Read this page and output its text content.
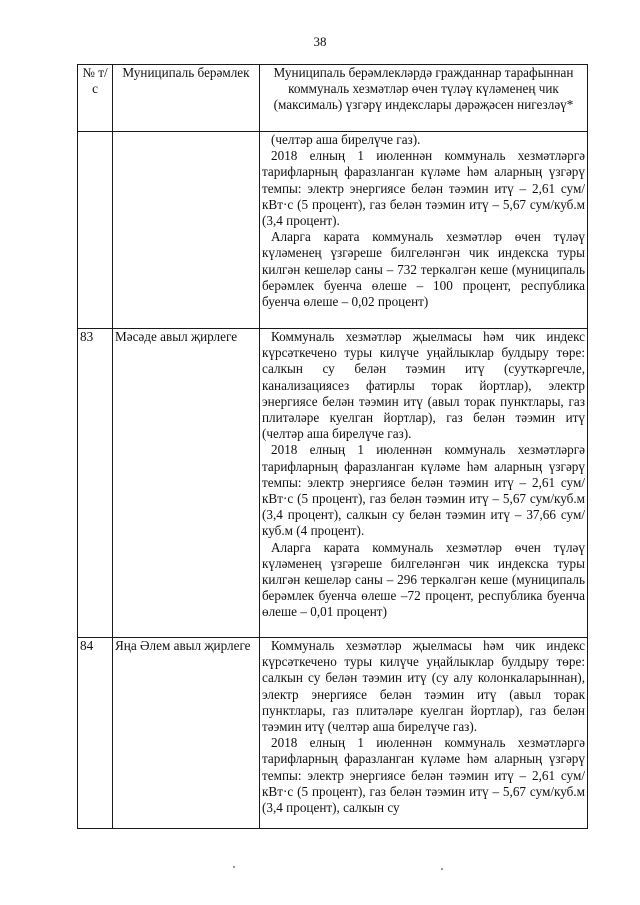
38
№ т/с	Муниципаль берәмлек	Муниципаль берәмлекләрдә гражданнар тарафыннан коммуналь хезмәтләр өчен түләү күләменең чик (максималь) үзгәрү индекслары дәрәҗәсен нигезләү*

		(челтәр аша бирелүче газ).

2018 елның 1 июленнән коммуналь хезмәтләргә тарифларның фаразланган күләме һәм аларның үзгәрү темпы: электр энергиясе белән тәэмин итү – 2,61 сум/кВт·с (5 процент), газ белән тәэмин итү – 5,67 сум/куб.м (3,4 процент).

Аларга карата коммуналь хезмәтләр өчен түләү күләменең үзгәреше билгеләнгән чик индекска туры килгән кешеләр саны – 732 теркәлгән кеше (муниципаль берәмлек буенча өлеше – 100 процент, республика буенча өлеше – 0,02 процент)

83	Мәсәде авыл җирлеге	Коммуналь хезмәтләр җыелмасы һәм чик индекс күрсәткечено туры килүче уңайлыклар булдыру төре: салкын су белән тәэмин итү (сууткәргечле, канализациясез фатирлы торак йортлар), электр энергиясе белән тәэмин итү (авыл торак пунктлары, газ плитәләре куелган йортлар), газ белән тәэмин итү (челтәр аша бирелүче газ).

2018 елның 1 июленнән коммуналь хезмәтләргә тарифларның фаразланган күләме һәм аларның үзгәрү темпы: электр энергиясе белән тәэмин итү – 2,61 сум/кВт·с (5 процент), газ белән тәэмин итү – 5,67 сум/куб.м (3,4 процент), салкын су белән тәэмин итү – 37,66 сум/куб.м (4 процент).

Аларга карата коммуналь хезмәтләр өчен түләү күләменең үзгәреше билгеләнгән чик индекска туры килгән кешеләр саны – 296 теркәлгән кеше (муниципаль берәмлек буенча өлеше –72 процент, республика буенча өлеше – 0,01 процент)

84	Яңа Әлем авыл җирлеге	Коммуналь хезмәтләр җыелмасы һәм чик индекс күрсәткечено туры килүче уңайлыклар булдыру төре: салкын су белән тәэмин итү (су алу колонкаларыннан), электр энергиясе белән тәэмин итү (авыл торак пунктлары, газ плитәләре куелган йортлар), газ белән тәэмин итү (челтәр аша бирелүче газ).

2018 елның 1 июленнән коммуналь хезмәтләргә тарифларның фаразланган күләме һәм аларның үзгәрү темпы: электр энергиясе белән тәэмин итү – 2,61 сум/кВт·с (5 процент), газ белән тәэмин итү – 5,67 сум/куб.м (3,4 процент), салкын су
